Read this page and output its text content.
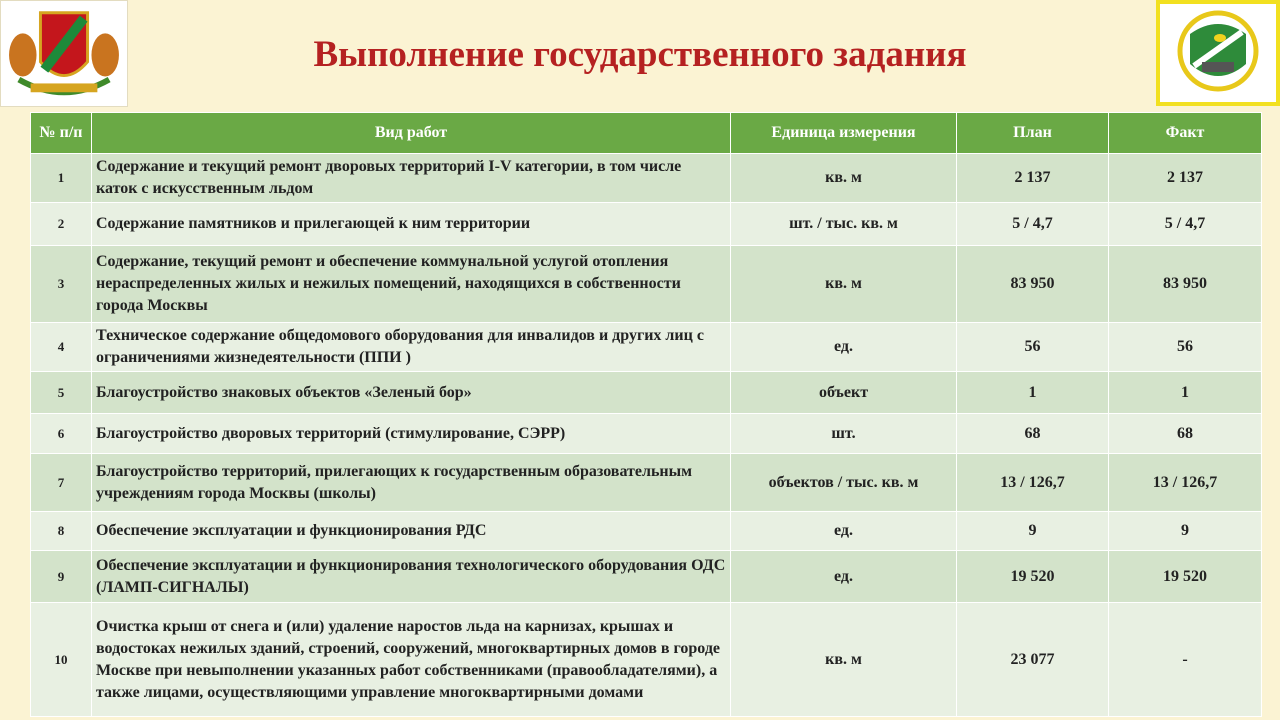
Выполнение государственного задания
№ п/п	Вид работ	Единица измерения	План	Факт
1	Содержание и текущий ремонт дворовых территорий I-V категории, в том числе каток с искусственным льдом	кв. м	2 137	2 137
2	Содержание памятников и прилегающей к ним территории	шт. / тыс. кв. м	5 / 4,7	5 / 4,7
3	Содержание, текущий ремонт и обеспечение коммунальной услугой отопления нераспределенных жилых и нежилых помещений, находящихся в собственности города Москвы	кв. м	83 950	83 950
4	Техническое содержание общедомового оборудования для инвалидов и других лиц с ограничениями жизнедеятельности (ППИ )	ед.	56	56
5	Благоустройство знаковых объектов «Зеленый бор»	объект	1	1
6	Благоустройство дворовых территорий (стимулирование, СЭРР)	шт.	68	68
7	Благоустройство территорий, прилегающих к государственным образовательным учреждениям города Москвы (школы)	объектов / тыс. кв. м	13 / 126,7	13 / 126,7
8	Обеспечение эксплуатации и функционирования РДС	ед.	9	9
9	Обеспечение эксплуатации и функционирования технологического оборудования ОДС (ЛАМП-СИГНАЛЫ)	ед.	19 520	19 520
10	Очистка крыш от снега и (или) удаление наростов льда на карнизах, крышах и водостоках нежилых зданий, строений, сооружений, многоквартирных домов в городе Москве при невыполнении указанных работ собственниками (правообладателями), а также лицами, осуществляющими управление многоквартирными домами	кв. м	23 077	-
